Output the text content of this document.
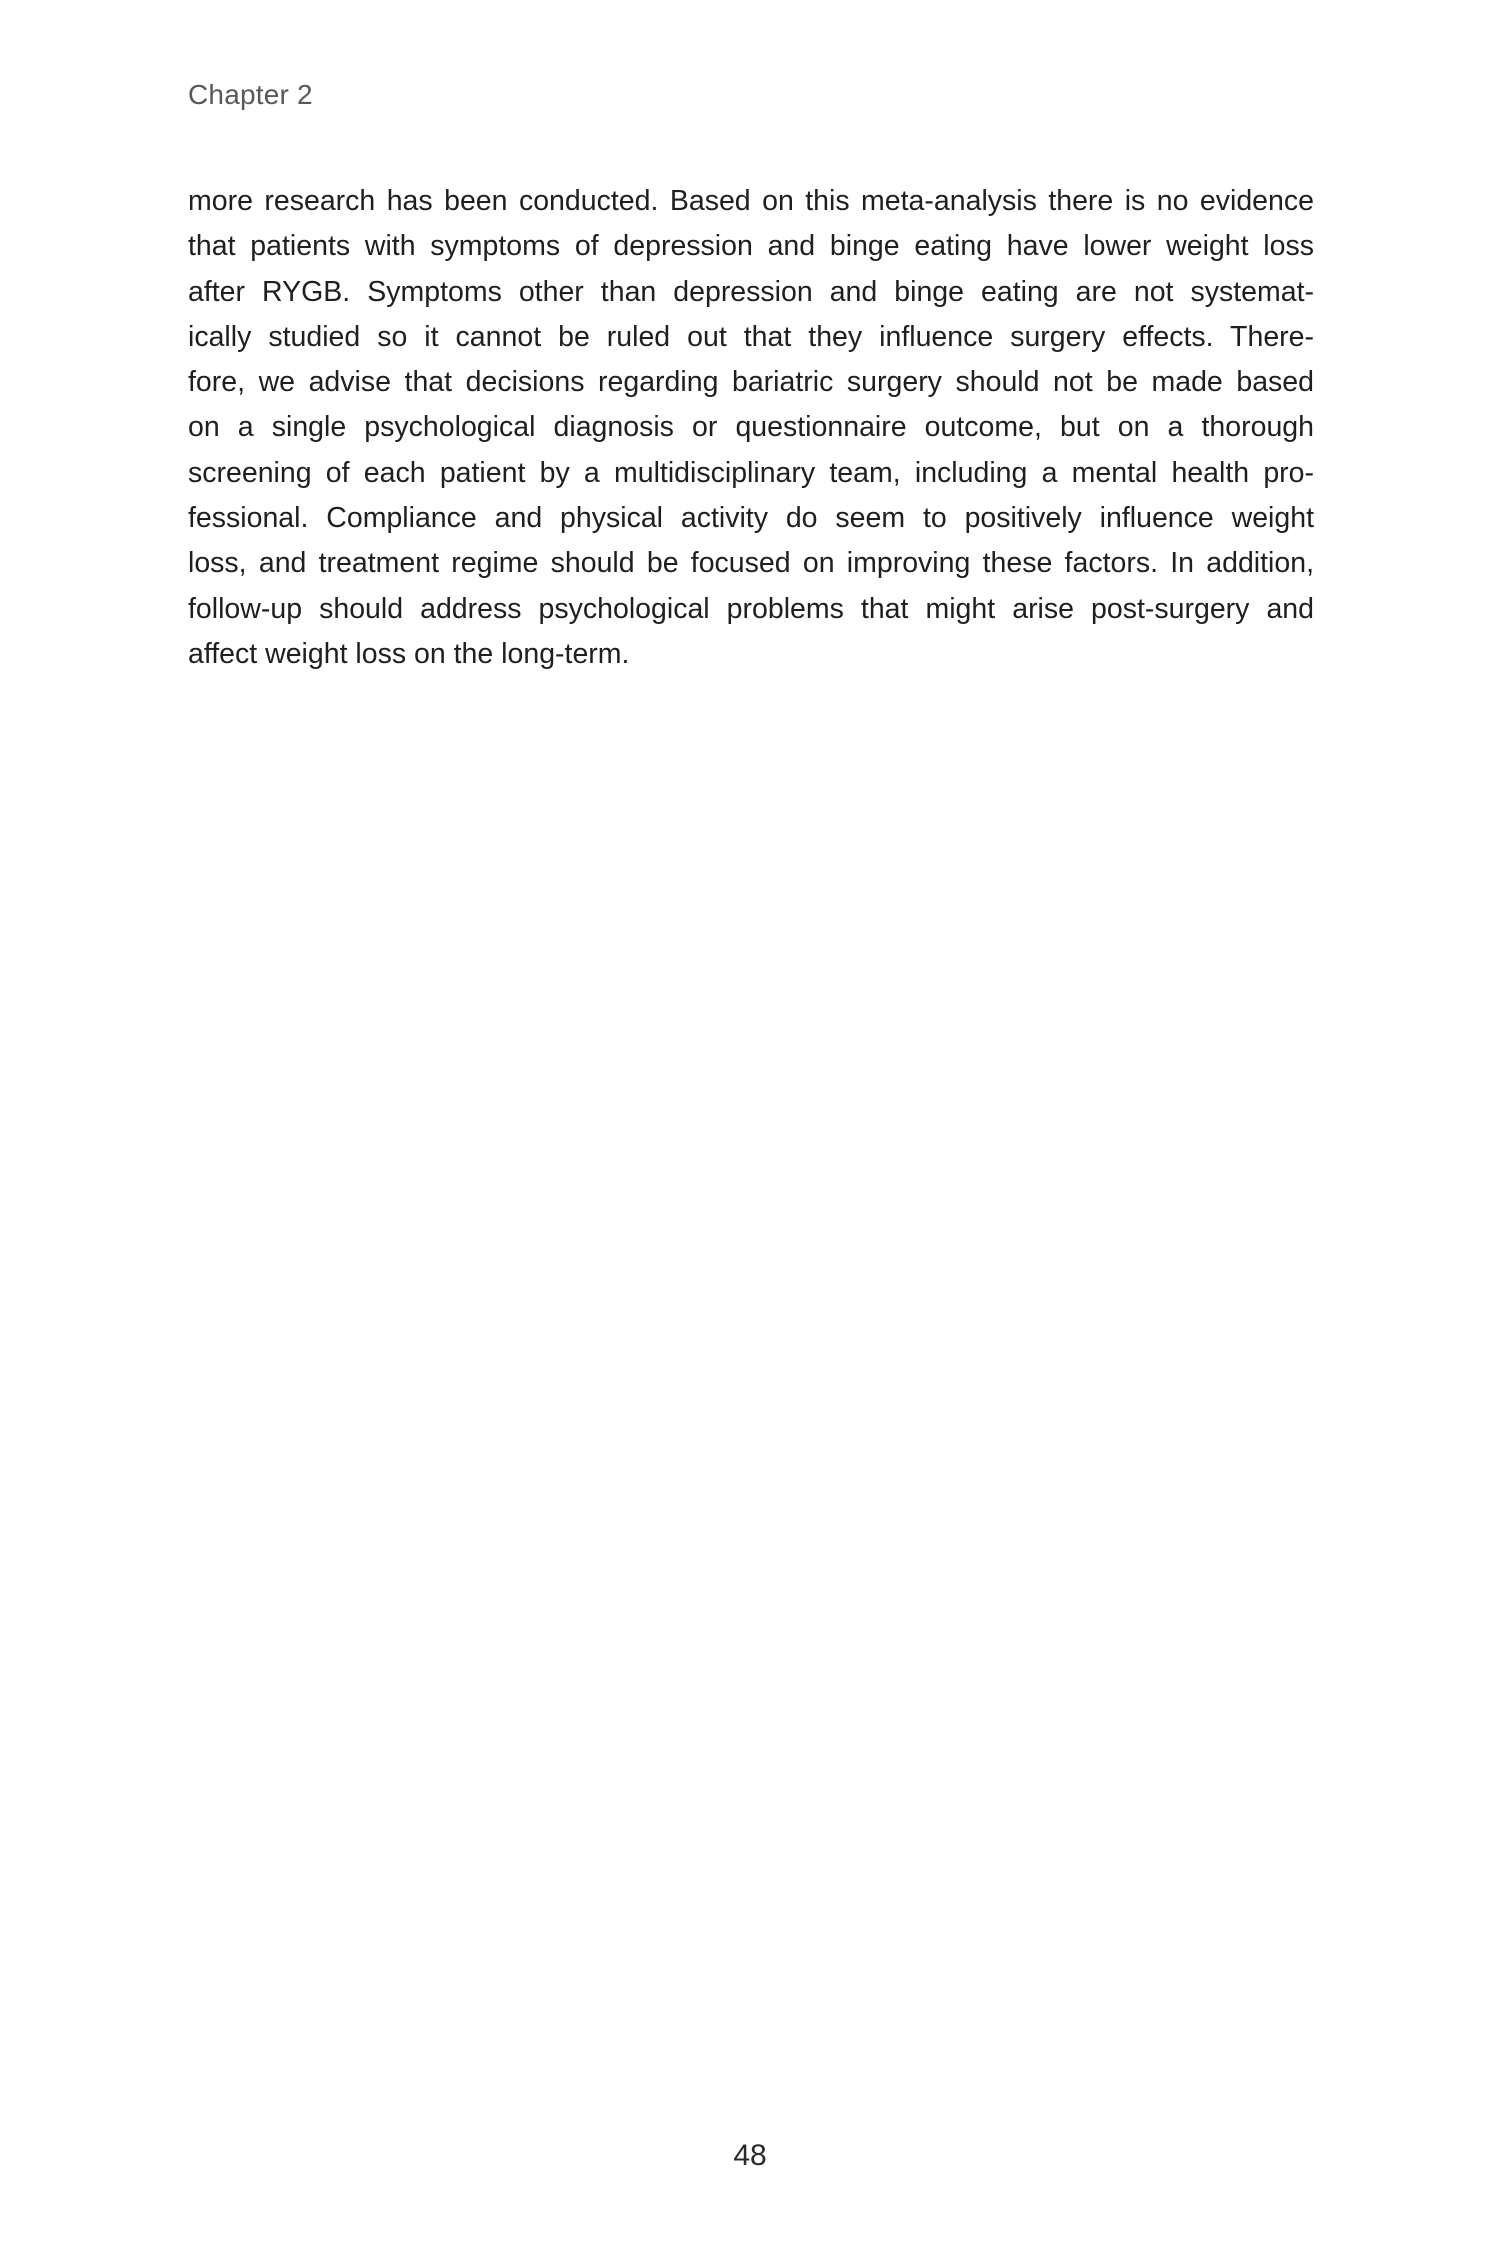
Chapter 2
more research has been conducted. Based on this meta-analysis there is no evidence
that patients with symptoms of depression and binge eating have lower weight loss
after RYGB. Symptoms other than depression and binge eating are not systemat-
ically studied so it cannot be ruled out that they influence surgery effects. There-
fore, we advise that decisions regarding bariatric surgery should not be made based
on a single psychological diagnosis or questionnaire outcome, but on a thorough
screening of each patient by a multidisciplinary team, including a mental health pro-
fessional. Compliance and physical activity do seem to positively influence weight
loss, and treatment regime should be focused on improving these factors. In addition,
follow-up should address psychological problems that might arise post-surgery and
affect weight loss on the long-term.
48
